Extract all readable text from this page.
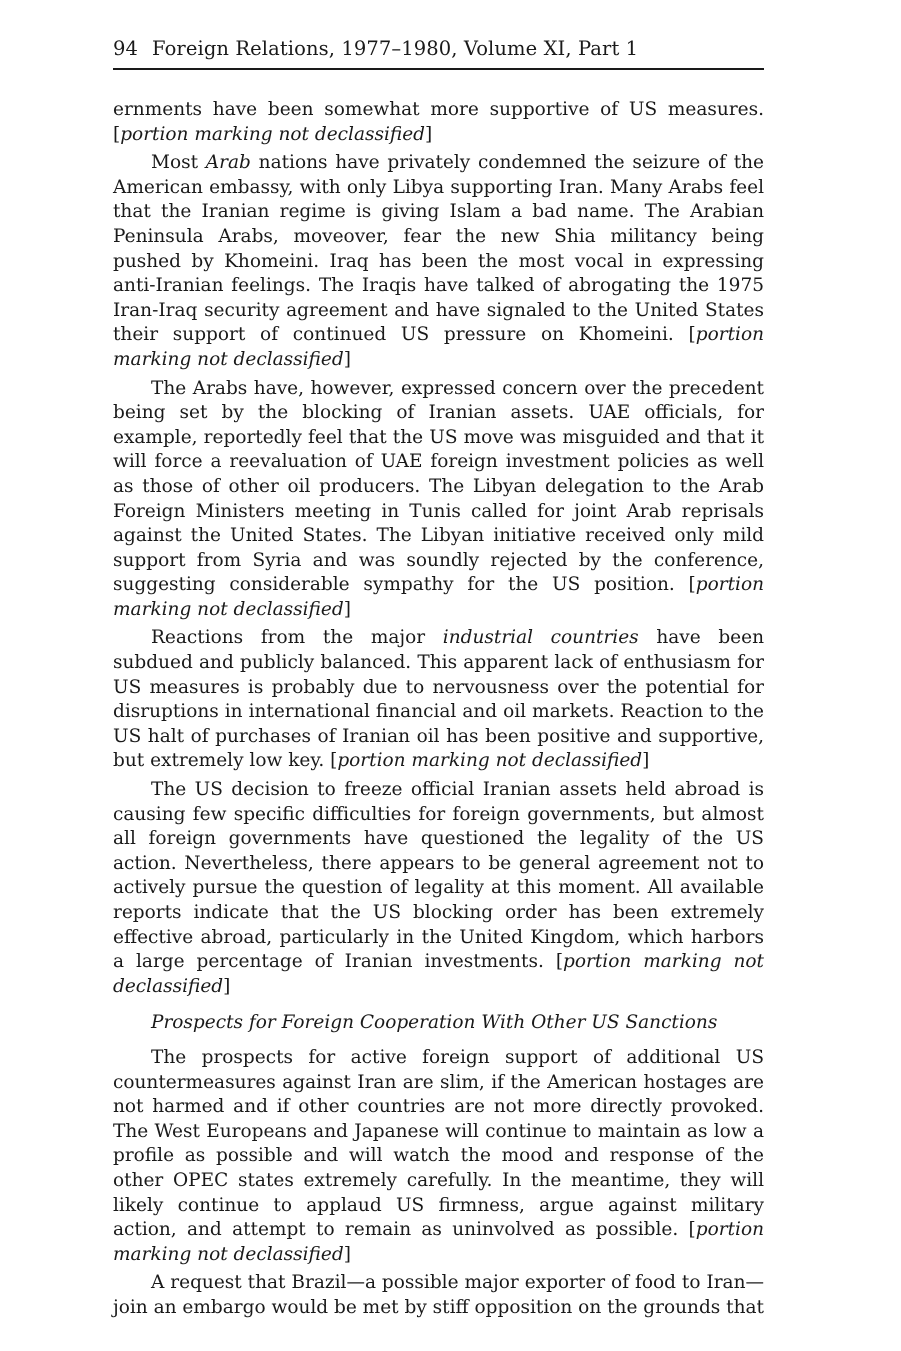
94 Foreign Relations, 1977–1980, Volume XI, Part 1

ernments have been somewhat more supportive of US measures. [portion marking not declassified]

Most Arab nations have privately condemned the seizure of the American embassy, with only Libya supporting Iran. Many Arabs feel that the Iranian regime is giving Islam a bad name. The Arabian Peninsula Arabs, moveover, fear the new Shia militancy being pushed by Khomeini. Iraq has been the most vocal in expressing anti-Iranian feelings. The Iraqis have talked of abrogating the 1975 Iran-Iraq security agreement and have signaled to the United States their support of continued US pressure on Khomeini. [portion marking not declassified]

The Arabs have, however, expressed concern over the precedent being set by the blocking of Iranian assets. UAE officials, for example, reportedly feel that the US move was misguided and that it will force a reevaluation of UAE foreign investment policies as well as those of other oil producers. The Libyan delegation to the Arab Foreign Ministers meeting in Tunis called for joint Arab reprisals against the United States. The Libyan initiative received only mild support from Syria and was soundly rejected by the conference, suggesting considerable sympathy for the US position. [portion marking not declassified]

Reactions from the major industrial countries have been subdued and publicly balanced. This apparent lack of enthusiasm for US measures is probably due to nervousness over the potential for disruptions in international financial and oil markets. Reaction to the US halt of purchases of Iranian oil has been positive and supportive, but extremely low key. [portion marking not declassified]

The US decision to freeze official Iranian assets held abroad is causing few specific difficulties for foreign governments, but almost all foreign governments have questioned the legality of the US action. Nevertheless, there appears to be general agreement not to actively pursue the question of legality at this moment. All available reports indicate that the US blocking order has been extremely effective abroad, particularly in the United Kingdom, which harbors a large percentage of Iranian investments. [portion marking not declassified]

Prospects for Foreign Cooperation With Other US Sanctions

The prospects for active foreign support of additional US countermeasures against Iran are slim, if the American hostages are not harmed and if other countries are not more directly provoked. The West Europeans and Japanese will continue to maintain as low a profile as possible and will watch the mood and response of the other OPEC states extremely carefully. In the meantime, they will likely continue to applaud US firmness, argue against military action, and attempt to remain as uninvolved as possible. [portion marking not declassified]

A request that Brazil—a possible major exporter of food to Iran—join an embargo would be met by stiff opposition on the grounds that
